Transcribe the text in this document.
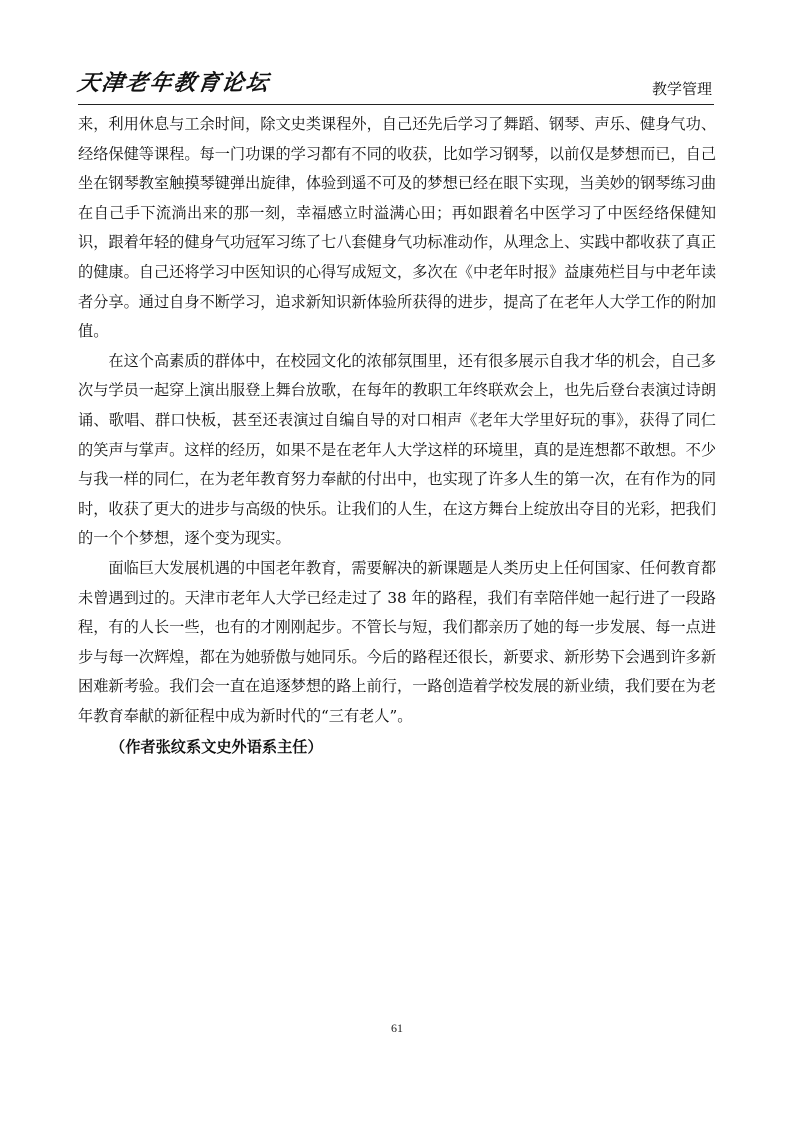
天津老年教育论坛	教学管理

来，利用休息与工余时间，除文史类课程外，自己还先后学习了舞蹈、钢琴、声乐、健身气功、经络保健等课程。每一门功课的学习都有不同的收获，比如学习钢琴，以前仅是梦想而已，自己坐在钢琴教室触摸琴键弹出旋律，体验到遥不可及的梦想已经在眼下实现，当美妙的钢琴练习曲在自己手下流淌出来的那一刻，幸福感立时溢满心田；再如跟着名中医学习了中医经络保健知识，跟着年轻的健身气功冠军习练了七八套健身气功标准动作，从理念上、实践中都收获了真正的健康。自己还将学习中医知识的心得写成短文，多次在《中老年时报》益康苑栏目与中老年读者分享。通过自身不断学习，追求新知识新体验所获得的进步，提高了在老年人大学工作的附加值。

在这个高素质的群体中，在校园文化的浓郁氛围里，还有很多展示自我才华的机会，自己多次与学员一起穿上演出服登上舞台放歌，在每年的教职工年终联欢会上，也先后登台表演过诗朗诵、歌唱、群口快板，甚至还表演过自编自导的对口相声《老年大学里好玩的事》，获得了同仁的笑声与掌声。这样的经历，如果不是在老年人大学这样的环境里，真的是连想都不敢想。不少与我一样的同仁，在为老年教育努力奉献的付出中，也实现了许多人生的第一次，在有作为的同时，收获了更大的进步与高级的快乐。让我们的人生，在这方舞台上绽放出夺目的光彩，把我们的一个个梦想，逐个变为现实。

面临巨大发展机遇的中国老年教育，需要解决的新课题是人类历史上任何国家、任何教育都未曾遇到过的。天津市老年人大学已经走过了 38 年的路程，我们有幸陪伴她一起行进了一段路程，有的人长一些，也有的才刚刚起步。不管长与短，我们都亲历了她的每一步发展、每一点进步与每一次辉煌，都在为她骄傲与她同乐。今后的路程还很长，新要求、新形势下会遇到许多新困难新考验。我们会一直在追逐梦想的路上前行，一路创造着学校发展的新业绩，我们要在为老年教育奉献的新征程中成为新时代的“三有老人”。

（作者张纹系文史外语系主任）

61
